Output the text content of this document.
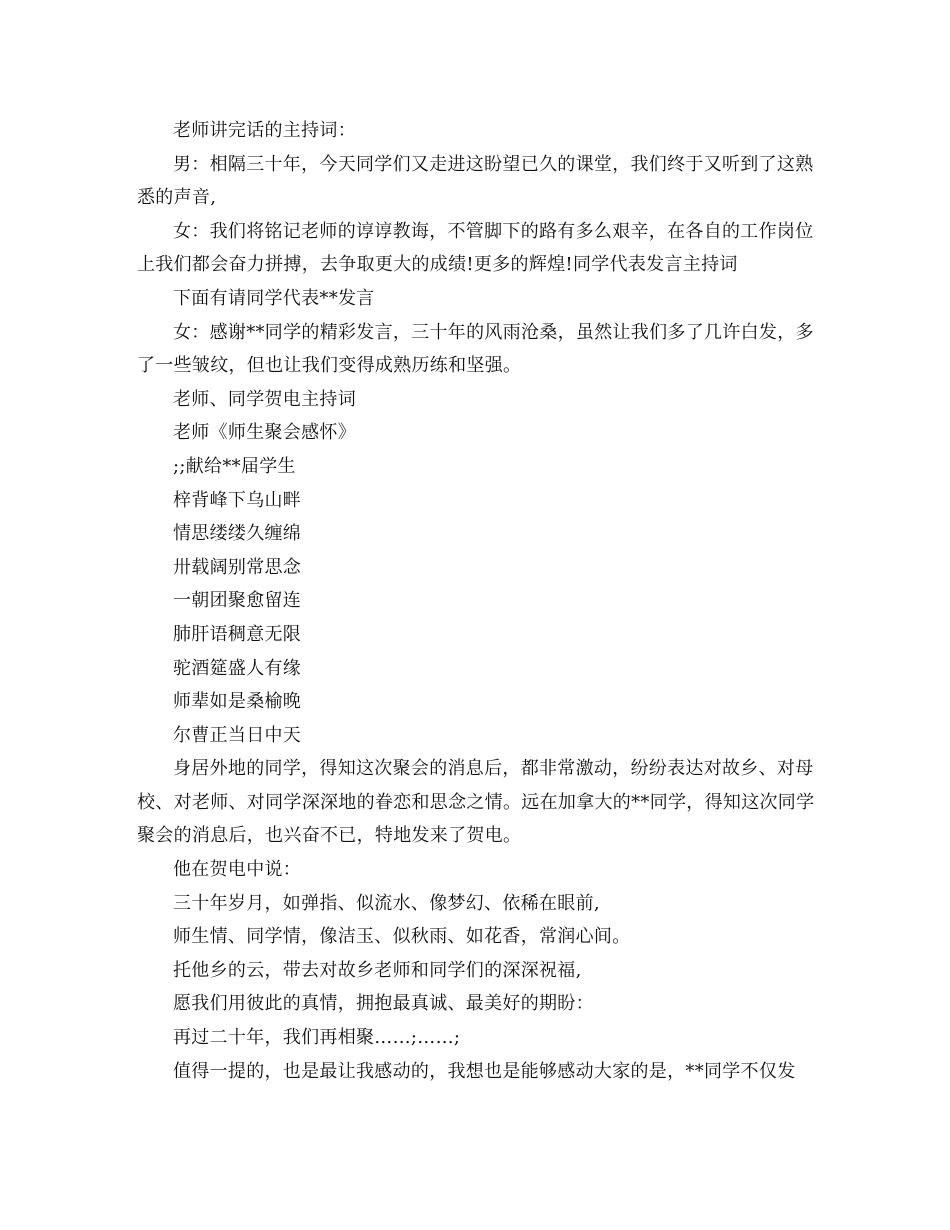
老师讲完话的主持词：

男：相隔三十年，今天同学们又走进这盼望已久的课堂，我们终于又听到了这熟悉的声音,

女：我们将铭记老师的谆谆教诲，不管脚下的路有多么艰辛，在各自的工作岗位上我们都会奋力拼搏，去争取更大的成绩!更多的辉煌!同学代表发言主持词

下面有请同学代表**发言

女：感谢**同学的精彩发言，三十年的风雨沧桑，虽然让我们多了几许白发，多了一些皱纹，但也让我们变得成熟历练和坚强。

老师、同学贺电主持词

老师《师生聚会感怀》

;;献给**届学生

梓背峰下乌山畔

情思缕缕久缠绵

卅载阔别常思念

一朝团聚愈留连

肺肝语稠意无限

驼酒筵盛人有缘

师辈如是桑榆晚

尔曹正当日中天

身居外地的同学，得知这次聚会的消息后，都非常激动，纷纷表达对故乡、对母校、对老师、对同学深深地的眷恋和思念之情。远在加拿大的**同学，得知这次同学聚会的消息后，也兴奋不已，特地发来了贺电。

他在贺电中说：

三十年岁月，如弹指、似流水、像梦幻、依稀在眼前,

师生情、同学情，像洁玉、似秋雨、如花香，常润心间。

托他乡的云，带去对故乡老师和同学们的深深祝福,

愿我们用彼此的真情，拥抱最真诚、最美好的期盼：

再过二十年，我们再相聚……;……;

值得一提的，也是最让我感动的，我想也是能够感动大家的是，**同学不仅发
